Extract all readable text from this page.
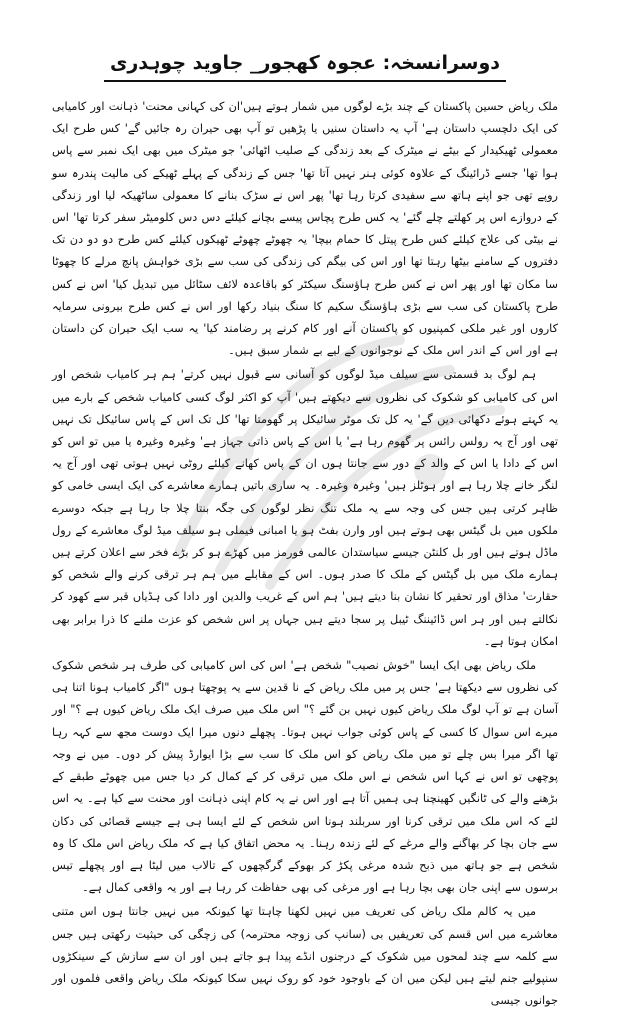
دوسرانسخہ: عجوہ کھجور_ جاوید چوہدری

ملک ریاض حسین پاکستان کے چند بڑے لوگوں میں شمار ہوتے ہیں'ان کی کہانی محنت' ذہانت اور کامیابی کی ایک دلچسپ داستان ہے' آپ یہ داستان سنیں یا پڑھیں تو آپ بھی حیران رہ جائیں گے' کس طرح ایک معمولی ٹھیکیدار کے بیٹے نے میٹرک کے بعد زندگی کے صلیب اٹھائی' جو میٹرک میں بھی ایک نمبر سے پاس ہوا تھا' جسے ڈرائینگ کے علاوہ کوئی ہنر نہیں آتا تھا' جس کے زندگی کے پہلے ٹھیکے کی مالیت پندرہ سو روپے تھی جو اپنے ہاتھ سے سفیدی کرتا رہا تھا' پھر اس نے سڑک بنانے کا معمولی ساٹھیکہ لیا اور زندگی کے دروازے اس پر کھلتے چلے گئے' یہ کس طرح پچاس پیسے بچانے کیلئے دس دس کلومیٹر سفر کرتا تھا' اس نے بیٹی کی علاج کیلئے کس طرح پیتل کا حمام بیچا' یہ چھوٹے چھوٹے ٹھیکوں کیلئے کس طرح دو دو دن تک دفتروں کے سامنے بیٹھا رہتا تھا اور اس کی بیگم کی زندگی کی سب سے بڑی خواہش پانچ مرلے کا چھوٹا سا مکان تھا اور پھر اس نے کس طرح ہاؤسنگ سیکٹر کو باقاعدہ لائف سٹائل میں تبدیل کیا' اس نے کس طرح پاکستان کی سب سے بڑی ہاؤسنگ سکیم کا سنگ بنیاد رکھا اور اس نے کس طرح بیرونی سرمایہ کاروں اور غیر ملکی کمپنیوں کو پاکستان آنے اور کام کرنے پر رضامند کیا' یہ سب ایک حیران کن داستان ہے اور اس کے اندر اس ملک کے نوجوانوں کے لیے بے شمار سبق ہیں۔

ہم لوگ بد قسمتی سے سیلف میڈ لوگوں کو آسانی سے قبول نہیں کرتے' ہم ہر کامیاب شخص اور اس کی کامیابی کو شکوک کی نظروں سے دیکھتے ہیں' آپ کو اکثر لوگ کسی کامیاب شخص کے بارے میں یہ کہتے ہوئے دکھائی دیں گے' یہ کل تک موٹر سائیکل پر گھومتا تھا' کل تک اس کے پاس سائیکل تک نہیں تھی اور آج یہ رولس رائس پر گھوم رہا ہے' یا اس کے پاس ذاتی جہاز ہے' وغیرہ وغیرہ یا میں تو اس کو اس کے دادا یا اس کے والد کے دور سے جانتا ہوں ان کے پاس کھانے کیلئے روٹی نہیں ہوتی تھی اور آج یہ لنگر خانے چلا رہا ہے اور ہوٹلز ہیں' وغیرہ وغیرہ۔ یہ ساری باتیں ہمارے معاشرے کی ایک ایسی خامی کو ظاہر کرتی ہیں جس کی وجہ سے یہ ملک تنگ نظر لوگوں کی جگہ بنتا چلا جا رہا ہے جبکہ دوسرے ملکوں میں بل گیٹس بھی ہوتے ہیں اور وارن بفٹ ہو یا امبانی فیملی ہو سیلف میڈ لوگ معاشرے کے رول ماڈل ہوتے ہیں اور بل کلنٹن جیسے سیاستدان عالمی فورمز میں کھڑے ہو کر بڑے فخر سے اعلان کرتے ہیں ہمارے ملک میں بل گیٹس کے ملک کا صدر ہوں۔ اس کے مقابلے میں ہم ہر ترقی کرنے والے شخص کو حقارت' مذاق اور تحقیر کا نشان بنا دیتے ہیں' ہم اس کے غریب والدین اور دادا کی ہڈیاں قبر سے کھود کر نکالتے ہیں اور ہر اس ڈائیننگ ٹیبل پر سجا دیتے ہیں جہاں پر اس شخص کو عزت ملنے کا ذرا برابر بھی امکان ہوتا ہے۔

ملک ریاض بھی ایک ایسا "خوش نصیب" شخص ہے' اس کی اس کامیابی کی طرف ہر شخص شکوک کی نظروں سے دیکھتا ہے' جس پر میں ملک ریاض کے نا قدین سے یہ پوچھتا ہوں "اگر کامیاب ہونا اتنا ہی آسان ہے تو آپ لوگ ملک ریاض کیوں نہیں بن گئے ؟" اس ملک میں صرف ایک ملک ریاض کیوں ہے ؟" اور میرے اس سوال کا کسی کے پاس کوئی جواب نہیں ہوتا۔ پچھلے دنوں میرا ایک دوست مجھ سے کہہ رہا تھا اگر میرا بس چلے تو میں ملک ریاض کو اس ملک کا سب سے بڑا ایوارڈ پیش کر دوں۔ میں نے وجہ پوچھی تو اس نے کہا اس شخص نے اس ملک میں ترقی کر کے کمال کر دیا جس میں چھوٹے طبقے کے بڑھنے والے کی ٹانگیں کھینچنا ہی ہمیں آتا ہے اور اس نے یہ کام اپنی ذہانت اور محنت سے کیا ہے۔ یہ اس لئے کہ اس ملک میں ترقی کرنا اور سربلند ہونا اس شخص کے لئے ایسا ہی ہے جیسے قصائی کی دکان سے جان بچا کر بھاگنے والے مرغے کے لئے زندہ رہنا۔ یہ محض اتفاق کیا ہے کہ ملک ریاض اس ملک کا وہ شخص ہے جو ہاتھ میں ذبح شدہ مرغی پکڑ کر بھوکے گرگچھوں کے تالاب میں لیٹا ہے اور پچھلے تیس برسوں سے اپنی جان بھی بچا رہا ہے اور مرغی کی بھی حفاظت کر رہا ہے اور یہ واقعی کمال ہے۔

میں یہ کالم ملک ریاض کی تعریف میں نہیں لکھنا چاہتا تھا کیونکہ میں نہیں جانتا ہوں اس متنی معاشرے میں اس قسم کی تعریفیں بی (سانپ کی زوجہ محترمہ) کی زچگی کی حیثیت رکھتی ہیں جس سے کلمہ سے چند لمحوں میں شکوک کے درجنوں انڈے پیدا ہو جاتے ہیں اور ان سے سازش کے سینکڑوں سنپولیے جنم لیتے ہیں لیکن میں ان کے باوجود خود کو روک نہیں سکا کیونکہ ملک ریاض واقعی فلموں اور جوانوں جیسی
